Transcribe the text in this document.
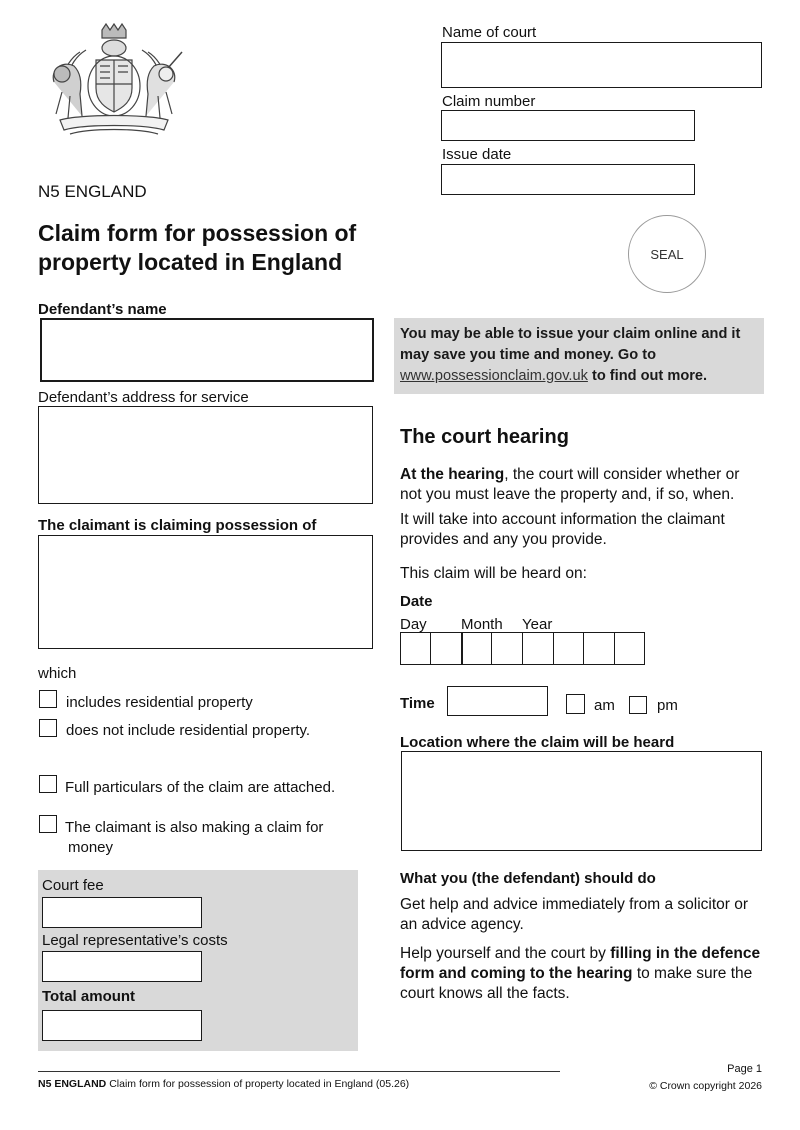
Name of court
Claim number
Issue date
N5 ENGLAND
Claim form for possession of
property located in England	SEAL
Defendant’s name
Defendant’s address for service
The claimant is claiming possession of
which
includes residential property
does not include residential property.
Full particulars of the claim are attached.
The claimant is also making a claim for
money
Court fee
Legal representative’s costs
Total amount
You may be able to issue your claim online and it may save you time and money. Go to www.possessionclaim.gov.uk to find out more.
The court hearing
At the hearing, the court will consider whether or not you must leave the property and, if so, when.
It will take into account information the claimant provides and any you provide.
This claim will be heard on:
Date
Day Month Year
Time	am	pm
Location where the claim will be heard
What you (the defendant) should do
Get help and advice immediately from a solicitor or an advice agency.
Help yourself and the court by filling in the defence form and coming to the hearing to make sure the court knows all the facts.
N5 ENGLAND Claim form for possession of property located in England (05.26)
Page 1
© Crown copyright 2026
